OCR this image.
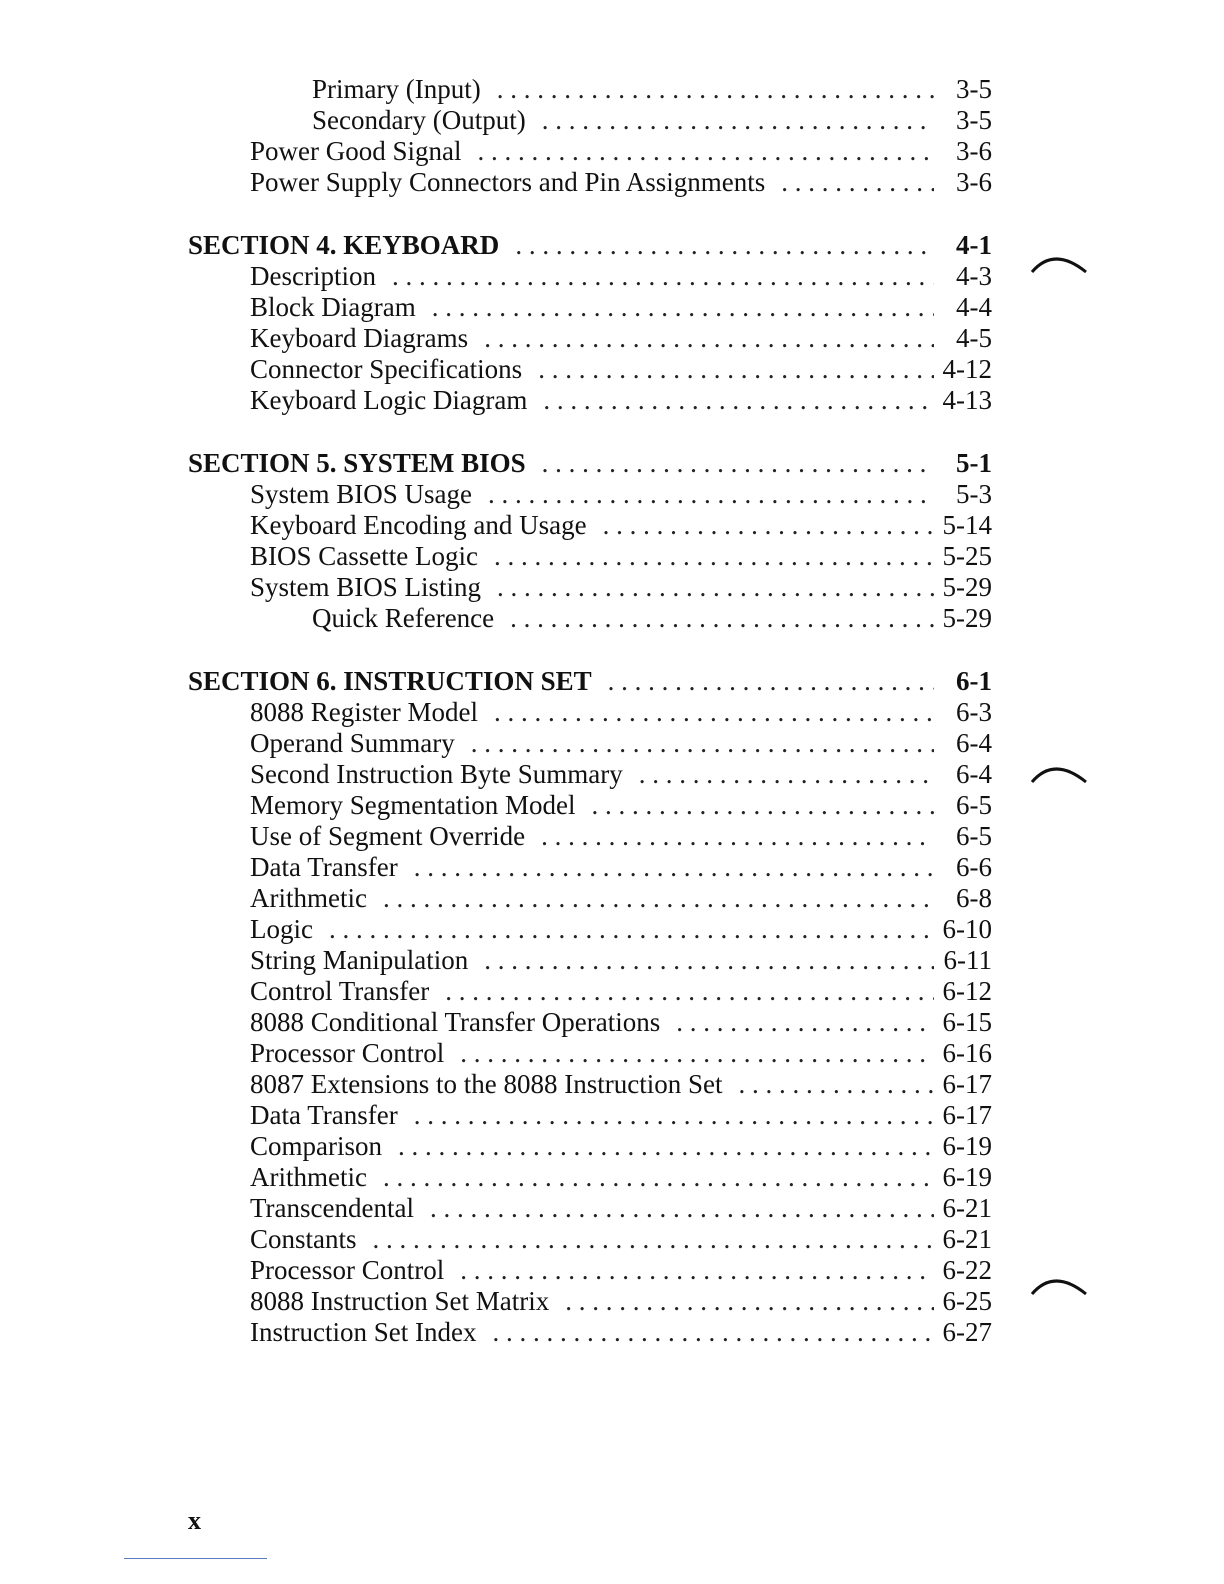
Primary (Input) . . .	3-5
Secondary (Output) . . .	3-5
Power Good Signal . . .	3-6
Power Supply Connectors and Pin Assignments . . .	3-6
SECTION 4. KEYBOARD . . .	4-1
Description . . .	4-3
Block Diagram . . .	4-4
Keyboard Diagrams . . .	4-5
Connector Specifications . . .	4-12
Keyboard Logic Diagram . . .	4-13
SECTION 5. SYSTEM BIOS . . .	5-1
System BIOS Usage . . .	5-3
Keyboard Encoding and Usage . . .	5-14
BIOS Cassette Logic . . .	5-25
System BIOS Listing . . .	5-29
Quick Reference . . .	5-29
SECTION 6. INSTRUCTION SET . . .	6-1
8088 Register Model . . .	6-3
Operand Summary . . .	6-4
Second Instruction Byte Summary . . .	6-4
Memory Segmentation Model . . .	6-5
Use of Segment Override . . .	6-5
Data Transfer . . .	6-6
Arithmetic . . .	6-8
Logic . . .	6-10
String Manipulation . . .	6-11
Control Transfer . . .	6-12
8088 Conditional Transfer Operations . . .	6-15
Processor Control . . .	6-16
8087 Extensions to the 8088 Instruction Set . . .	6-17
Data Transfer . . .	6-17
Comparison . . .	6-19
Arithmetic . . .	6-19
Transcendental . . .	6-21
Constants . . .	6-21
Processor Control . . .	6-22
8088 Instruction Set Matrix . . .	6-25
Instruction Set Index . . .	6-27
x
